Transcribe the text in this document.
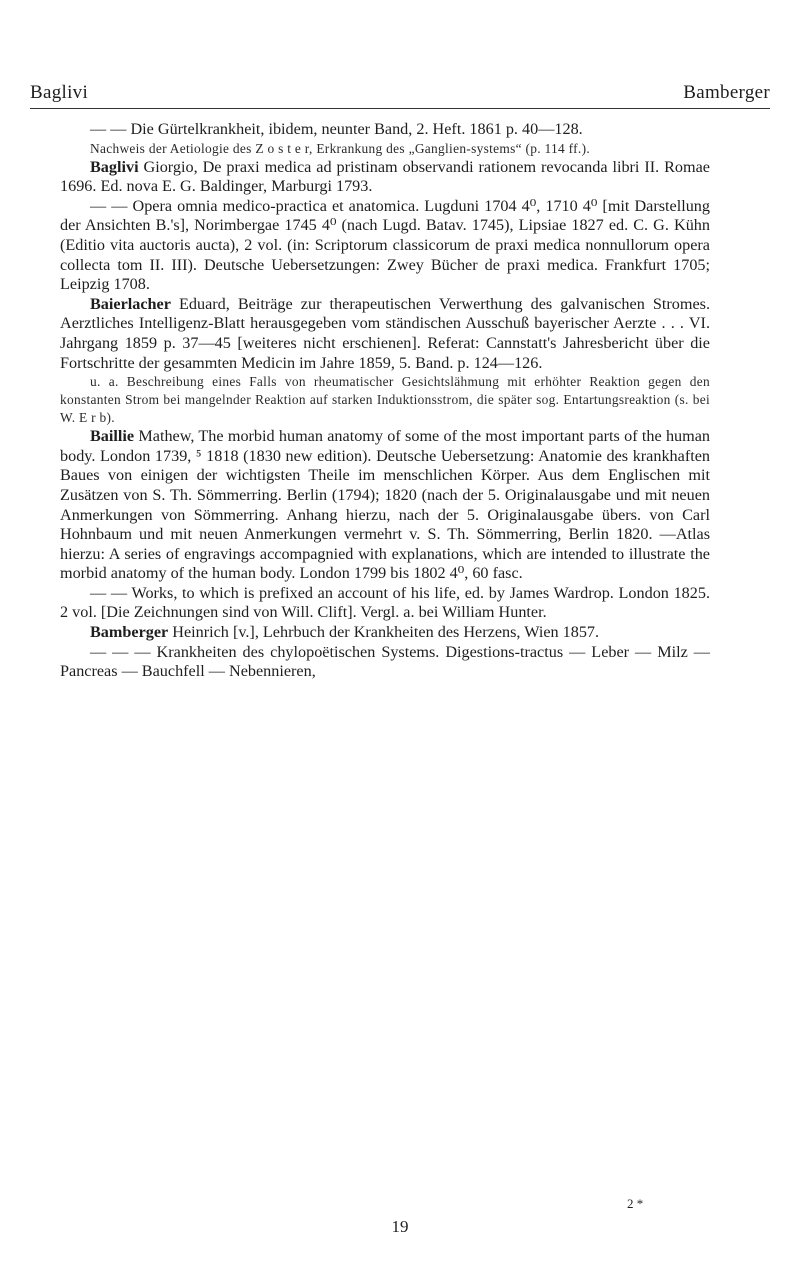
Baglivi	Bamberger

— — Die Gürtelkrankheit, ibidem, neunter Band, 2. Heft. 1861 p. 40—128.

Nachweis der Aetiologie des Z o s t e r, Erkrankung des „Ganglien-systems“ (p. 114 ff.).

Baglivi Giorgio, De praxi medica ad pristinam observandi rationem revocanda libri II. Romae 1696. Ed. nova E. G. Baldinger, Marburgi 1793.

— — Opera omnia medico-practica et anatomica. Lugduni 1704 4⁰, 1710 4⁰ [mit Darstellung der Ansichten B.'s], Norimbergae 1745 4⁰ (nach Lugd. Batav. 1745), Lipsiae 1827 ed. C. G. Kühn (Editio vita auctoris aucta), 2 vol. (in: Scriptorum classicorum de praxi medica nonnullorum opera collecta tom II. III). Deutsche Uebersetzungen: Zwey Bücher de praxi medica. Frankfurt 1705; Leipzig 1708.

Baierlacher Eduard, Beiträge zur therapeutischen Verwerthung des galvanischen Stromes. Aerztliches Intelligenz-Blatt herausgegeben vom ständischen Ausschuß bayerischer Aerzte . . . VI. Jahrgang 1859 p. 37—45 [weiteres nicht erschienen]. Referat: Cannstatt's Jahresbericht über die Fortschritte der gesammten Medicin im Jahre 1859, 5. Band. p. 124—126.

u. a. Beschreibung eines Falls von rheumatischer Gesichtslähmung mit erhöhter Reaktion gegen den konstanten Strom bei mangelnder Reaktion auf starken Induktionsstrom, die später sog. Entartungsreaktion (s. bei W. E r b).

Baillie Mathew, The morbid human anatomy of some of the most important parts of the human body. London 1739, ⁵ 1818 (1830 new edition). Deutsche Uebersetzung: Anatomie des krankhaften Baues von einigen der wichtigsten Theile im menschlichen Körper. Aus dem Englischen mit Zusätzen von S. Th. Sömmerring. Berlin (1794); 1820 (nach der 5. Originalausgabe und mit neuen Anmerkungen von Sömmerring. Anhang hierzu, nach der 5. Originalausgabe übers. von Carl Hohnbaum und mit neuen Anmerkungen vermehrt v. S. Th. Sömmerring, Berlin 1820. —Atlas hierzu: A series of engravings accompagnied with explanations, which are intended to illustrate the morbid anatomy of the human body. London 1799 bis 1802 4⁰, 60 fasc.

— — Works, to which is prefixed an account of his life, ed. by James Wardrop. London 1825. 2 vol. [Die Zeichnungen sind von Will. Clift]. Vergl. a. bei William Hunter.

Bamberger Heinrich [v.], Lehrbuch der Krankheiten des Herzens, Wien 1857.

— — — Krankheiten des chylopoëtischen Systems. Digestions-tractus — Leber — Milz — Pancreas — Bauchfell — Nebennieren,

2 *
19
